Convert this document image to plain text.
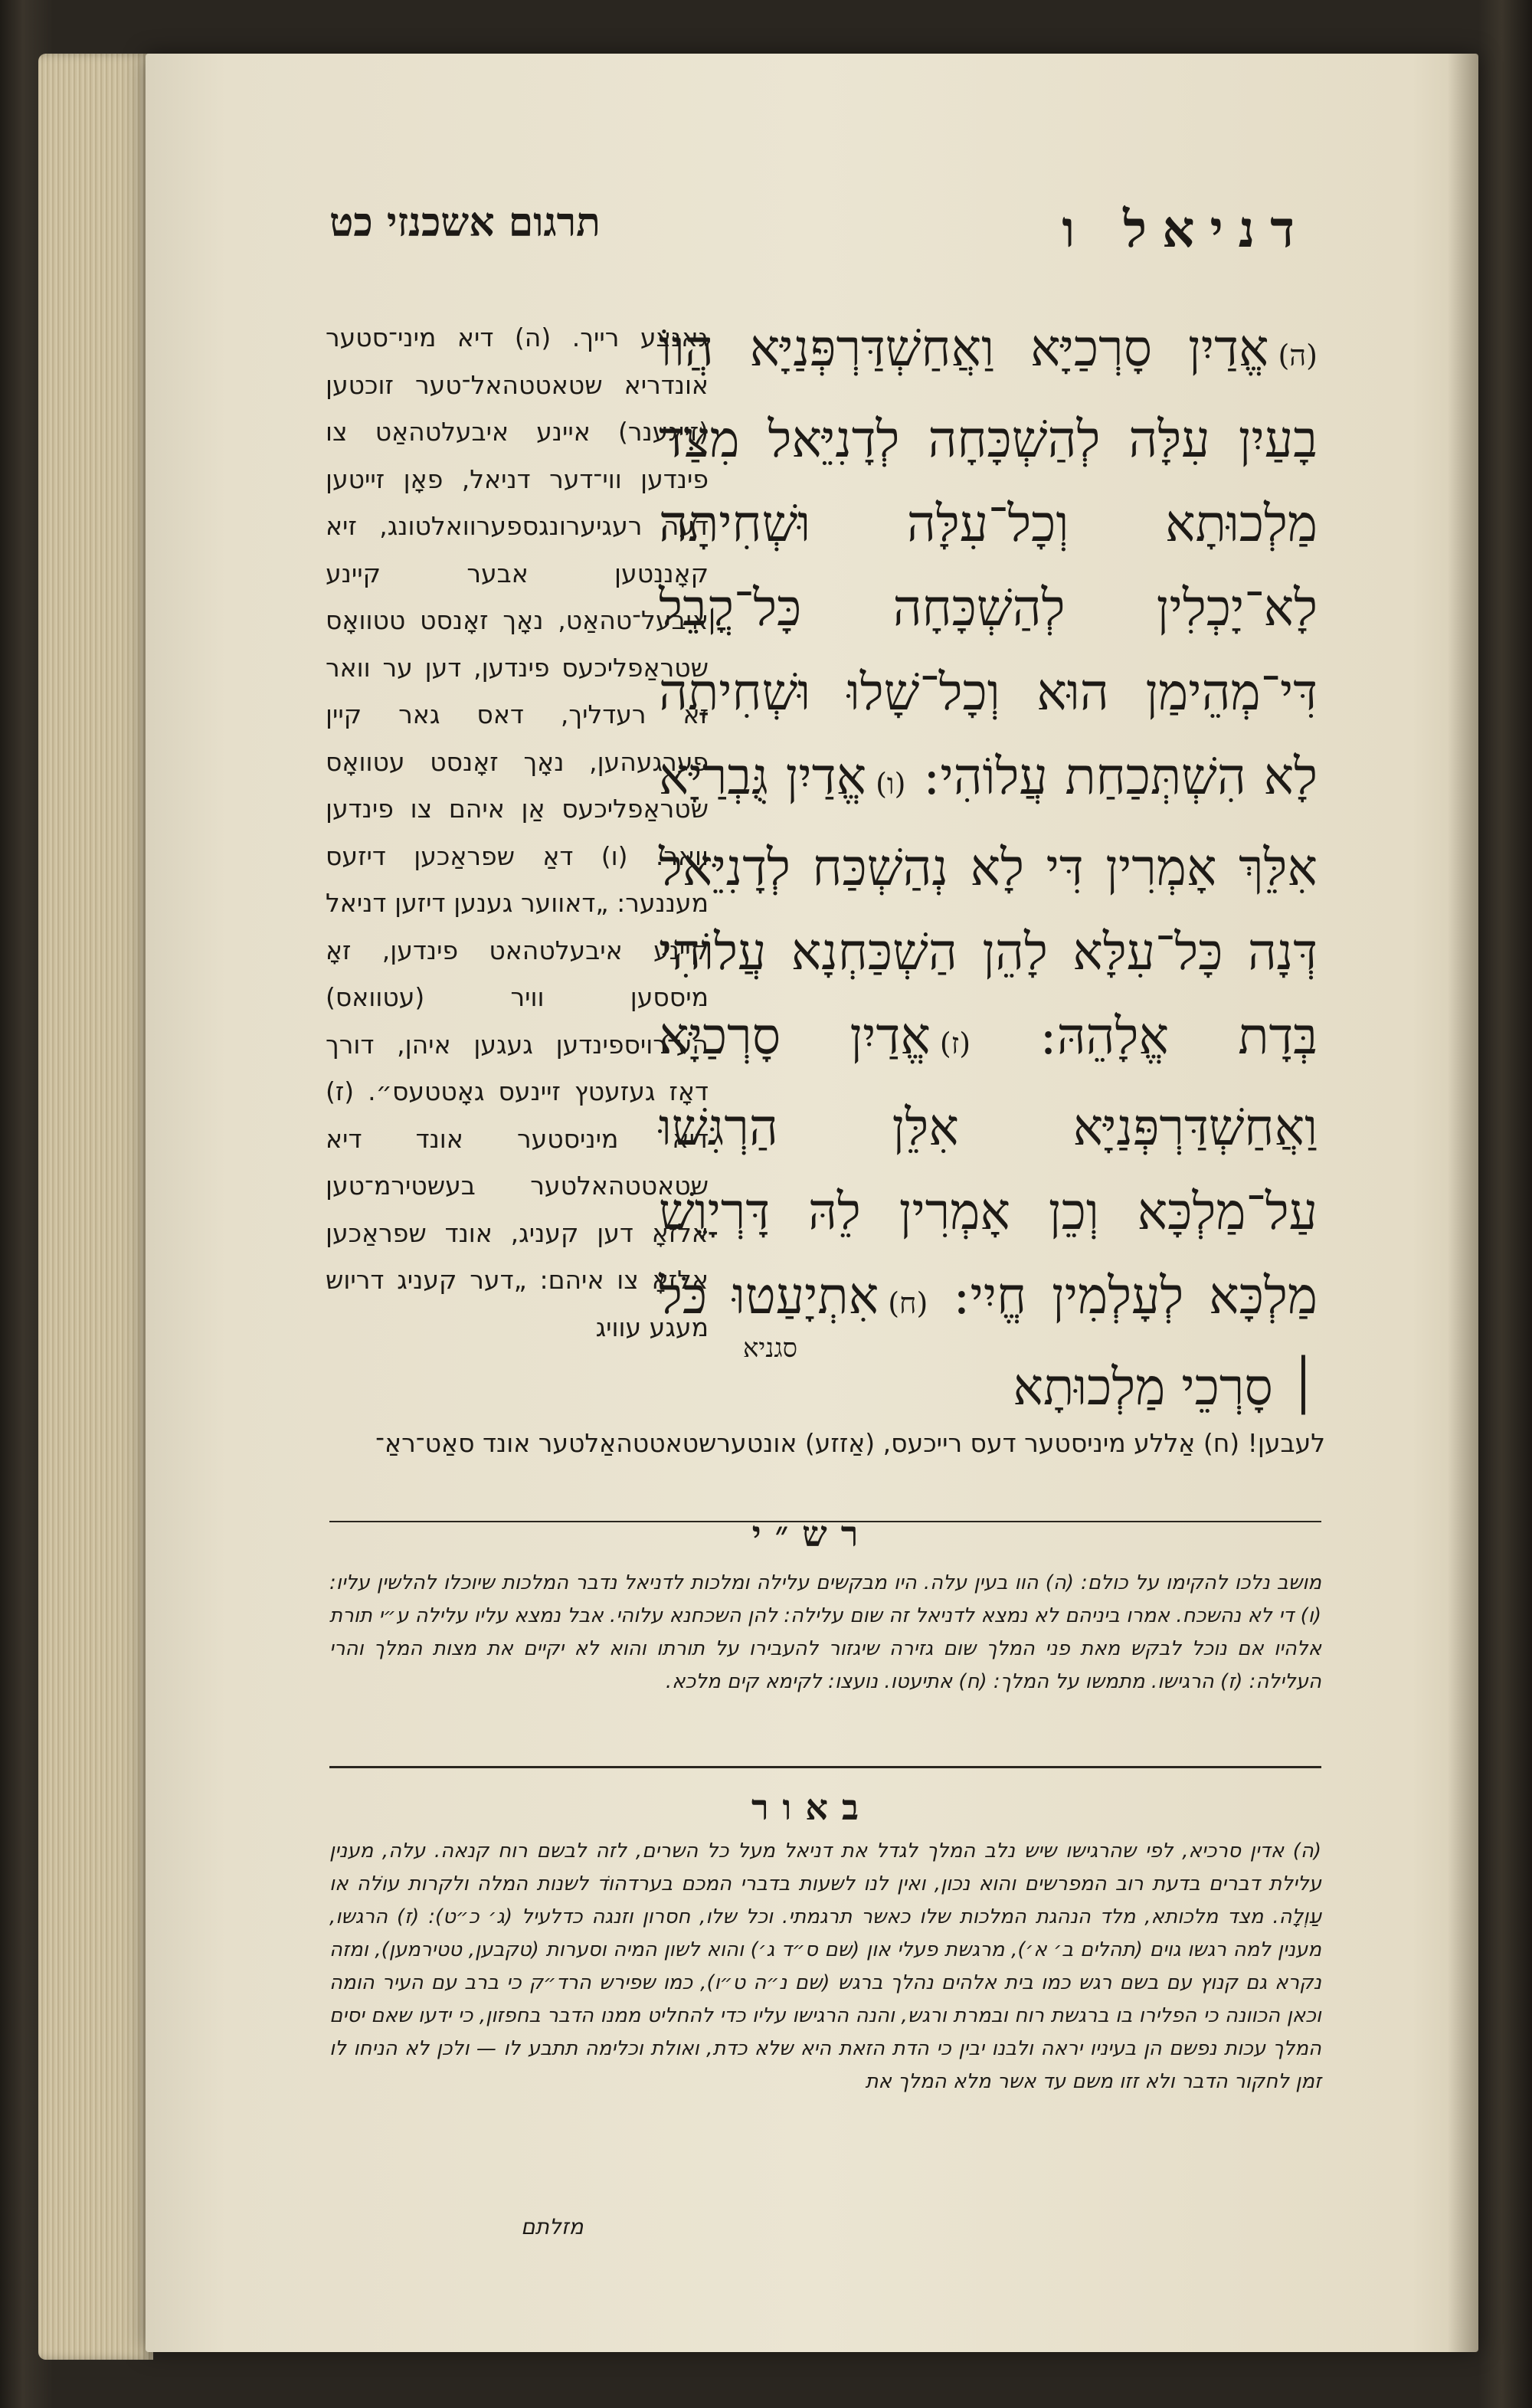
דניאל ו
תרגום אשכנזי כט
(ה)אֱדַיִן סָרְכַיָּא וַאֲחַשְׁדַּרְפְּנַיָּא הֲווֹ בָעַיִן עִלָּה לְהַשְׁכָּחָה לְדָנִיֵּאל מִצַּד מַלְכוּתָא וְכָל־עִלָּה וּשְׁחִיתָה לָא־יָכְלִין לְהַשְׁכָּחָה כָּל־קֳבֵל דִּי־מְהֵימַן הוּא וְכָל־שָׁלוּ וּשְׁחִיתָה לָא הִשְׁתְּכַחַת עֲלוֹהִי: (ו)אֱדַיִן גֻּבְרַיָּא אִלֵּךְ אָמְרִין דִּי לָא נְהַשְׁכַּח לְדָנִיֵּאל דְּנָה כָּל־עִלָּא לָהֵן הַשְׁכַּחְנָא עֲלוֹהִי בְּדָת אֱלָהֵהּ: (ז)אֱדַיִן סָרְכַיָּא וַאֲחַשְׁדַּרְפְּנַיָּא אִלֵּן הַרְגִּשׁוּ עַל־מַלְכָּא וְכֵן אָמְרִין לֵהּ דָּרְיָוֶשׁ מַלְכָּא לְעָלְמִין חֱיִי: (ח)אִתְיָעַטוּ כֹּל ׀ סָרְכֵי מַלְכוּתָא
סגניא
גאנצע רייך. (ה) דיא מיני־סטער אונדריא שטאטטהאל־טער זוכטען (זייגענר) איינע איבעלטהאַט צו פינדען ווי־דער דניאל, פאָן זייטען דער רעגיערונגספערוואלטונג, זיא קאָננטען אבער קיינע איבעל־טהאַט, נאָך זאָנסט טטוואָס שטראַפליכעס פינדען, דען ער וואר זא רעדליך, דאס גאר קיין פערגעהען, נאָך זאָנסט עטוואָס שטראַפליכעס אַן איהם צו פינדען וואר. (ו) דאַ שפראַכען דיזעס מעננער: „דאווער גענען דיזען דניאל קיינע איבעלטהאט פינדען, זאָ מיססען וויר (עטוואס) הע־רויספינדען געגען איהן, דורך דאָז געזעטץ זיינעס גאָטטעס״. (ז) דיא מיניסטער אונד דיא שטאטטהאלטער בעשטירמ־טען אלזאָ דען קעניג, אונד שפראַכען אלזאָ צו איהם: „דער קעניג דריוש מעגע עוויג
לעבען! (ח) אַללע מיניסטער דעס רייכעס, (אַזזע) אונטערשטאטטהאַלטער אונד סאַט־ראַ־
רש״י

מושב נלכו להקימו על כולם: (ה) הוו בעין עלה. היו מבקשים עלילה ומלכות לדניאל נדבר המלכות שיוכלו להלשין עליו: (ו) די לא נהשכח. אמרו ביניהם לא נמצא לדניאל זה שום עלילה: להן השכחנא עלוהי. אבל נמצא עליו עלילה ע״י תורת אלהיו אם נוכל לבקש מאת פני המלך שום גזירה שיגזור להעבירו על תורתו והוא לא יקיים את מצות המלך והרי העלילה: (ז) הרגישו. מתמשו על המלך: (ח) אתיעטו. נועצו: לקימא קים מלכא.

באור

(ה) אדין סרכיא, לפי שהרגישו שיש נלב המלך לגדל את דניאל מעל כל השרים, לזה לבשם רוח קנאה. עלה, מענין עלילת דברים בדעת רוב המפרשים והוא נכון, ואין לנו לשעות בדברי המכם בערדהוֹד לשנות המלה ולקרות עוֹלה או עַוְלָה. מצד מלכותא, מלד הנהגת המלכות שלו כאשר תרגמתי. וכל שלו, חסרון וזנגה כדלעיל (ג׳ כ״ט): (ז) הרגשו, מענין למה רגשו גוים (תהלים ב׳ א׳), מרגשת פעלי און (שם ס״ד ג׳) והוא לשון המיה וסערות (טקבען, טטירמען), ומזה נקרא גם קנוץ עם בשם רגש כמו בית אלהים נהלך ברגש (שם נ״ה ט״ו), כמו שפירש הרד״ק כי ברב עם העיר הומה וכאן הכוונה כי הפלירו בו ברגשת רוח ובמרת ורגש, והנה הרגישו עליו כדי להחליט ממנו הדבר בחפזון, כי ידעו שאם יסים המלך עכות נפשם הן בעיניו יראה ולבנו יבין כי הדת הזאת היא שלא כדת, ואולת וכלימה תתבע לו — ולכן לא הניחו לו זמן לחקור הדבר ולא זזו משם עד אשר מלא המלך את

מזלתם
